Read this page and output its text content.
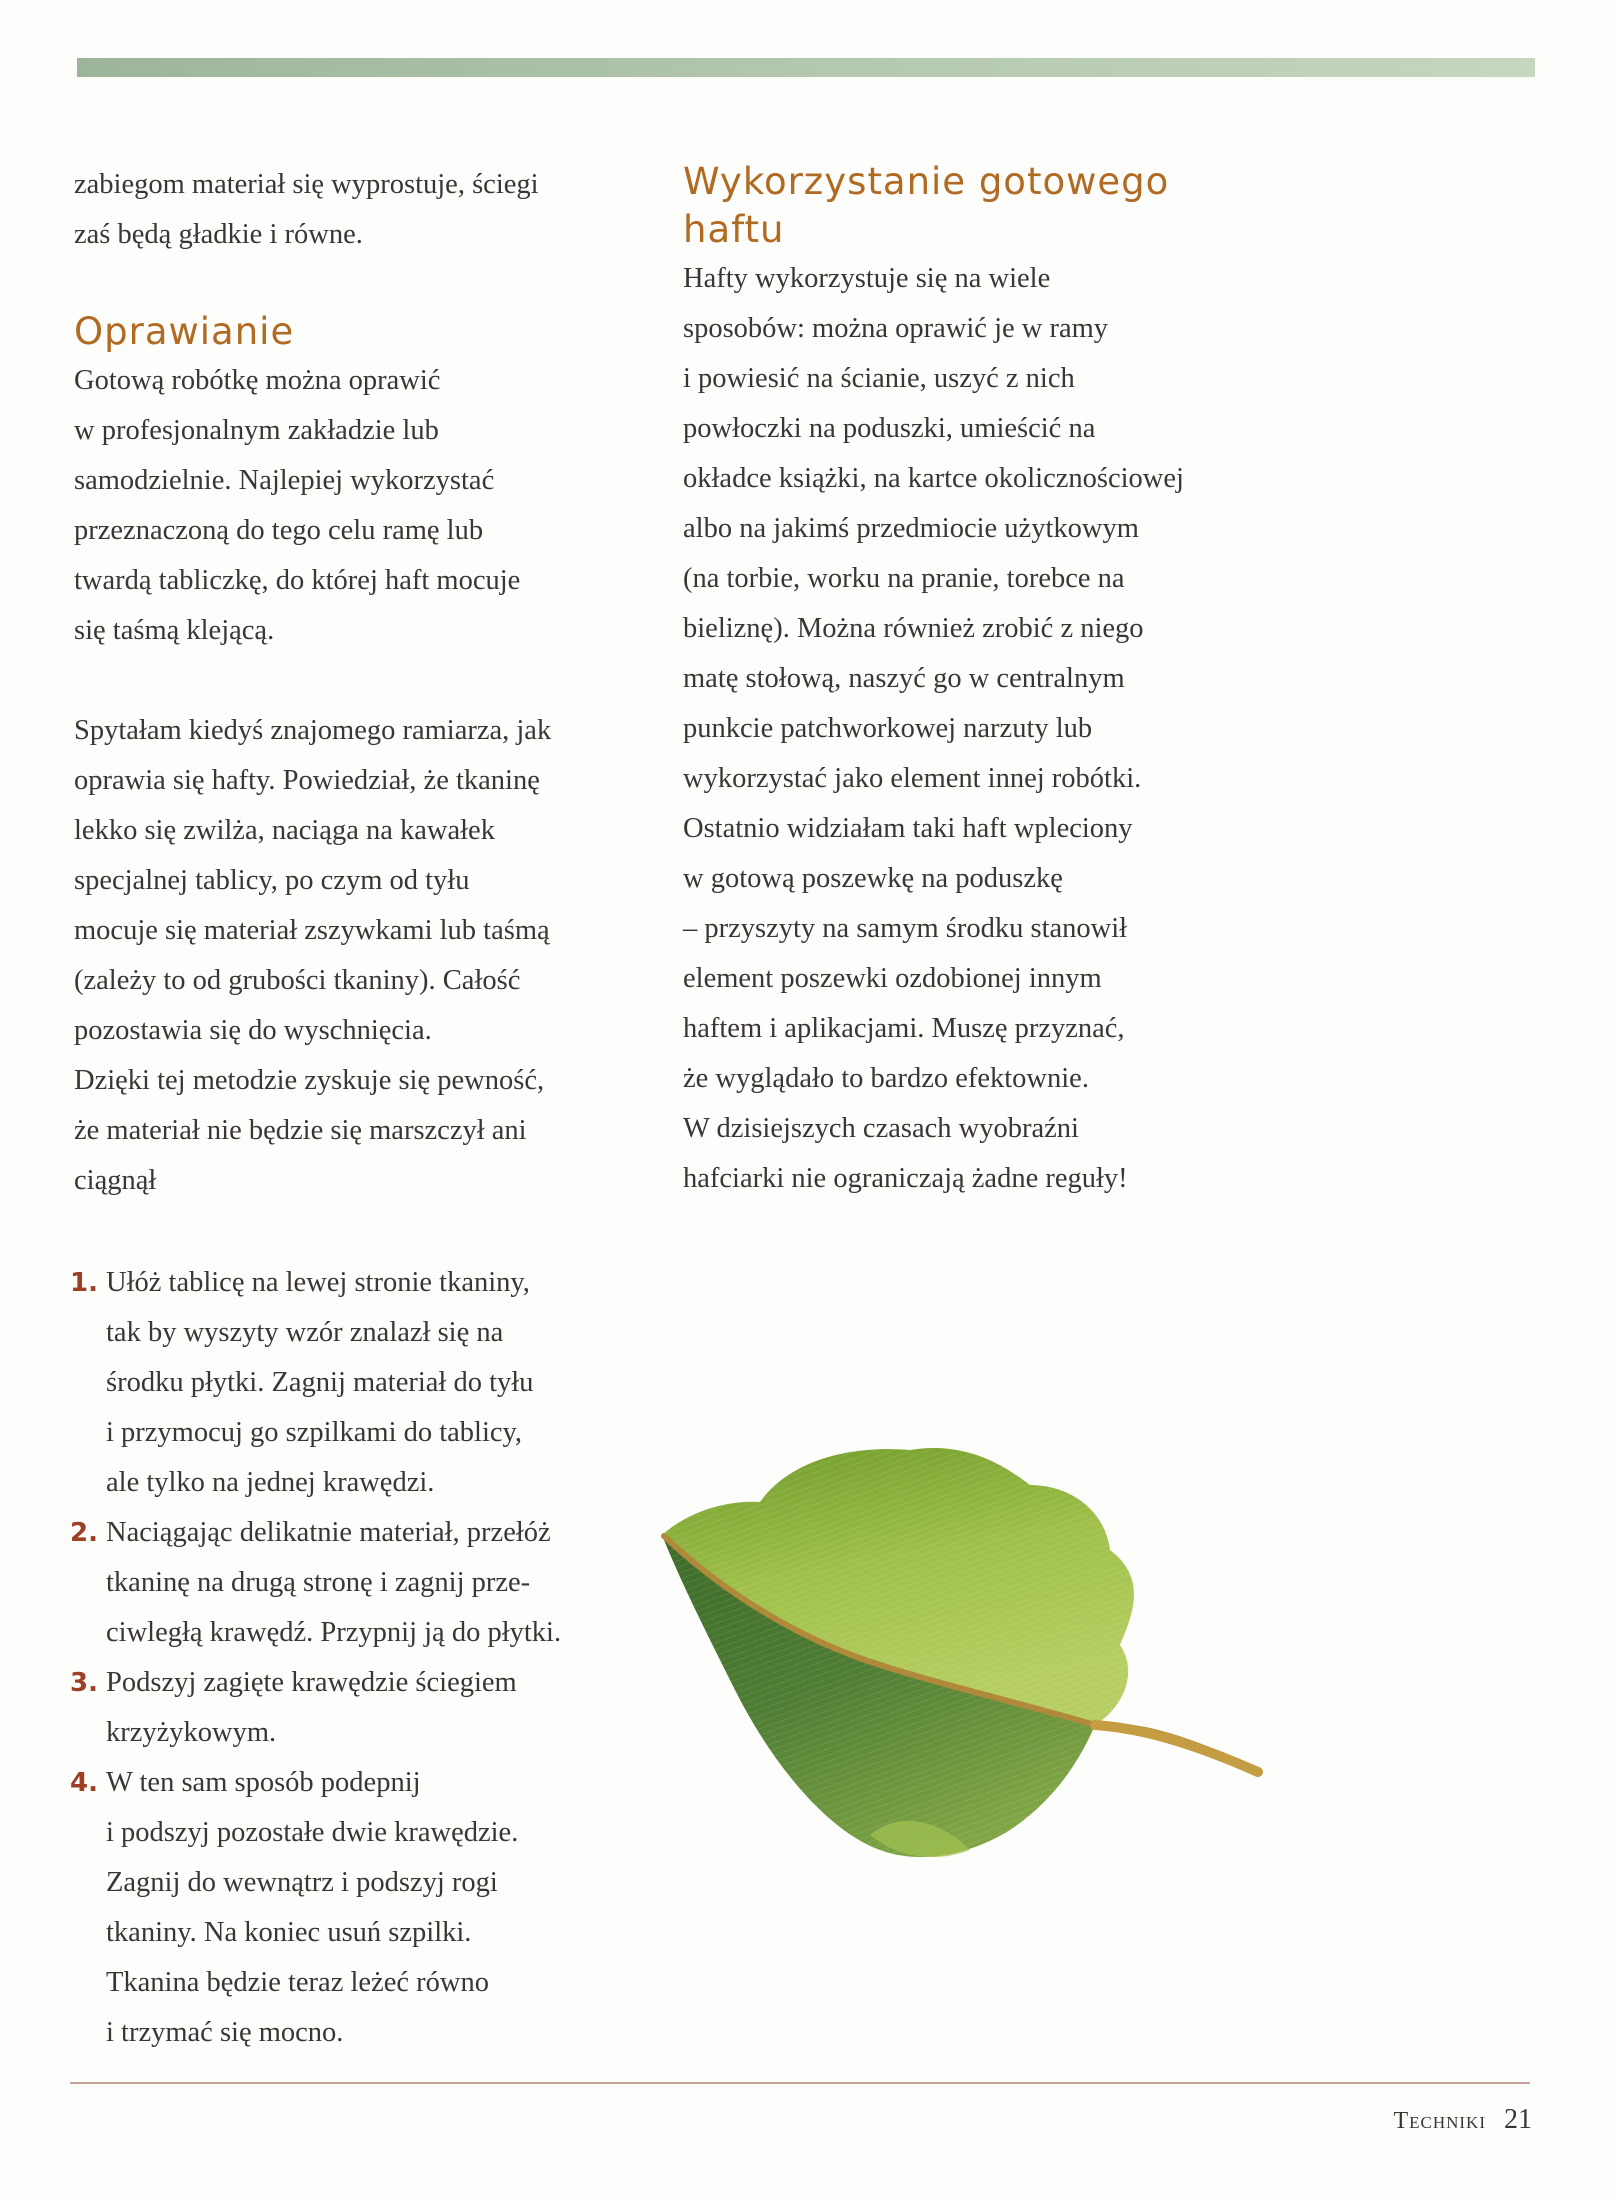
zabiegom materiał się wyprostuje, ściegi
zaś będą gładkie i równe.

Oprawianie

Gotową robótkę można oprawić
w profesjonalnym zakładzie lub
samodzielnie. Najlepiej wykorzystać
przeznaczoną do tego celu ramę lub
twardą tabliczkę, do której haft mocuje
się taśmą klejącą.

Spytałam kiedyś znajomego ramiarza, jak
oprawia się hafty. Powiedział, że tkaninę
lekko się zwilża, naciąga na kawałek
specjalnej tablicy, po czym od tyłu
mocuje się materiał zszywkami lub taśmą
(zależy to od grubości tkaniny). Całość
pozostawia się do wyschnięcia.
Dzięki tej metodzie zyskuje się pewność,
że materiał nie będzie się marszczył ani
ciągnął

1. Ułóż tablicę na lewej stronie tkaniny,
tak by wyszyty wzór znalazł się na
środku płytki. Zagnij materiał do tyłu
i przymocuj go szpilkami do tablicy,
ale tylko na jednej krawędzi.
2. Naciągając delikatnie materiał, przełóż
tkaninę na drugą stronę i zagnij prze-
ciwległą krawędź. Przypnij ją do płytki.
3. Podszyj zagięte krawędzie ściegiem
krzyżykowym.
4. W ten sam sposób podepnij
i podszyj pozostałe dwie krawędzie.
Zagnij do wewnątrz i podszyj rogi
tkaniny. Na koniec usuń szpilki.
Tkanina będzie teraz leżeć równo
i trzymać się mocno.
Wykorzystanie gotowego
haftu

Hafty wykorzystuje się na wiele
sposobów: można oprawić je w ramy
i powiesić na ścianie, uszyć z nich
powłoczki na poduszki, umieścić na
okładce książki, na kartce okolicznościowej
albo na jakimś przedmiocie użytkowym
(na torbie, worku na pranie, torebce na
bieliznę). Można również zrobić z niego
matę stołową, naszyć go w centralnym
punkcie patchworkowej narzuty lub
wykorzystać jako element innej robótki.
Ostatnio widziałam taki haft wpleciony
w gotową poszewkę na poduszkę
– przyszyty na samym środku stanowił
element poszewki ozdobionej innym
haftem i aplikacjami. Muszę przyznać,
że wyglądało to bardzo efektownie.
W dzisiejszych czasach wyobraźni
hafciarki nie ograniczają żadne reguły!

Techniki 21
